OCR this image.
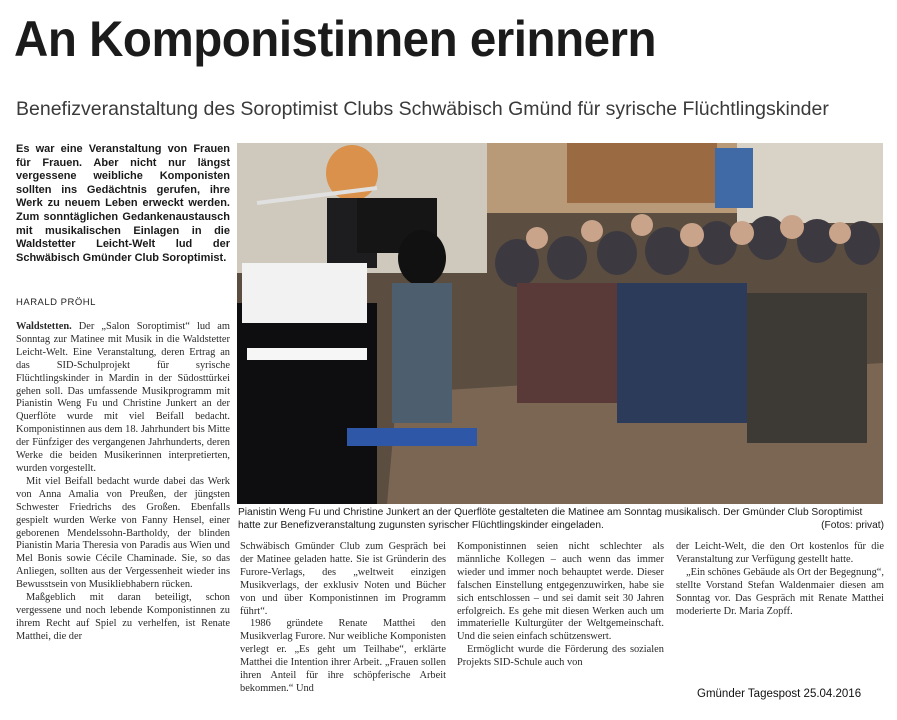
An Komponistinnen erinnern
Benefizveranstaltung des Soroptimist Clubs Schwäbisch Gmünd für syrische Flüchtlingskinder
Es war eine Veranstaltung von Frauen für Frauen. Aber nicht nur längst vergessene weibliche Komponisten sollten ins Gedächtnis gerufen, ihre Werk zu neuem Leben erweckt werden. Zum sonntäglichen Gedankenaustausch mit musikalischen Einlagen in die Waldstetter Leicht-Welt lud der Schwäbisch Gmünder Club Soroptimist.
HARALD PRÖHL

Waldstetten. Der „Salon Soroptimist“ lud am Sonntag zur Matinee mit Musik in die Waldstetter Leicht-Welt. Eine Veranstaltung, deren Ertrag an das SID-Schulprojekt für syrische Flüchtlingskinder in Mardin in der Südosttürkei gehen soll. Das umfassende Musikprogramm mit Pianistin Weng Fu und Christine Junkert an der Querflöte wurde mit viel Beifall bedacht. Komponistinnen aus dem 18. Jahrhundert bis Mitte der Fünfziger des vergangenen Jahrhunderts, deren Werke die beiden Musikerinnen interpretierten, wurden vorgestellt.

Mit viel Beifall bedacht wurde dabei das Werk von Anna Amalia von Preußen, der jüngsten Schwester Friedrichs des Großen. Ebenfalls gespielt wurden Werke von Fanny Hensel, einer geborenen Mendelssohn-Bartholdy, der blinden Pianistin Maria Theresia von Paradis aus Wien und Mel Bonis sowie Cécile Chaminade. Sie, so das Anliegen, sollten aus der Vergessenheit wieder ins Bewusstsein von Musikliebhabern rücken.

Maßgeblich mit daran beteiligt, schon vergessene und noch lebende Komponistinnen zu ihrem Recht auf Spiel zu verhelfen, ist Renate Matthei, die der

Pianistin Weng Fu und Christine Junkert an der Querflöte gestalteten die Matinee am Sonntag musikalisch. Der Gmünder Club Soroptimist hatte zur Benefizveranstaltung zugunsten syrischer Flüchtlingskinder eingeladen.	(Fotos: privat)

Schwäbisch Gmünder Club zum Gespräch bei der Matinee geladen hatte. Sie ist Gründerin des Furore-Verlags, des „weltweit einzigen Musikverlags, der exklusiv Noten und Bücher von und über Komponistinnen im Programm führt“.

1986 gründete Renate Matthei den Musikverlag Furore. Nur weibliche Komponisten verlegt er. „Es geht um Teilhabe“, erklärte Matthei die Intention ihrer Arbeit. „Frauen sollen ihren Anteil für ihre schöpferische Arbeit bekommen.“ Und

Komponistinnen seien nicht schlechter als männliche Kollegen – auch wenn das immer wieder und immer noch behauptet werde. Dieser falschen Einstellung entgegenzuwirken, habe sie sich entschlossen – und sei damit seit 30 Jahren erfolgreich. Es gehe mit diesen Werken auch um immaterielle Kulturgüter der Weltgemeinschaft. Und die seien einfach schützenswert.

Ermöglicht wurde die Förderung des sozialen Projekts SID-Schule auch von

der Leicht-Welt, die den Ort kostenlos für die Veranstaltung zur Verfügung gestellt hatte.

„Ein schönes Gebäude als Ort der Begegnung“, stellte Vorstand Stefan Waldenmaier diesen am Sonntag vor. Das Gespräch mit Renate Matthei moderierte Dr. Maria Zopff.

Gmünder Tagespost 25.04.2016
